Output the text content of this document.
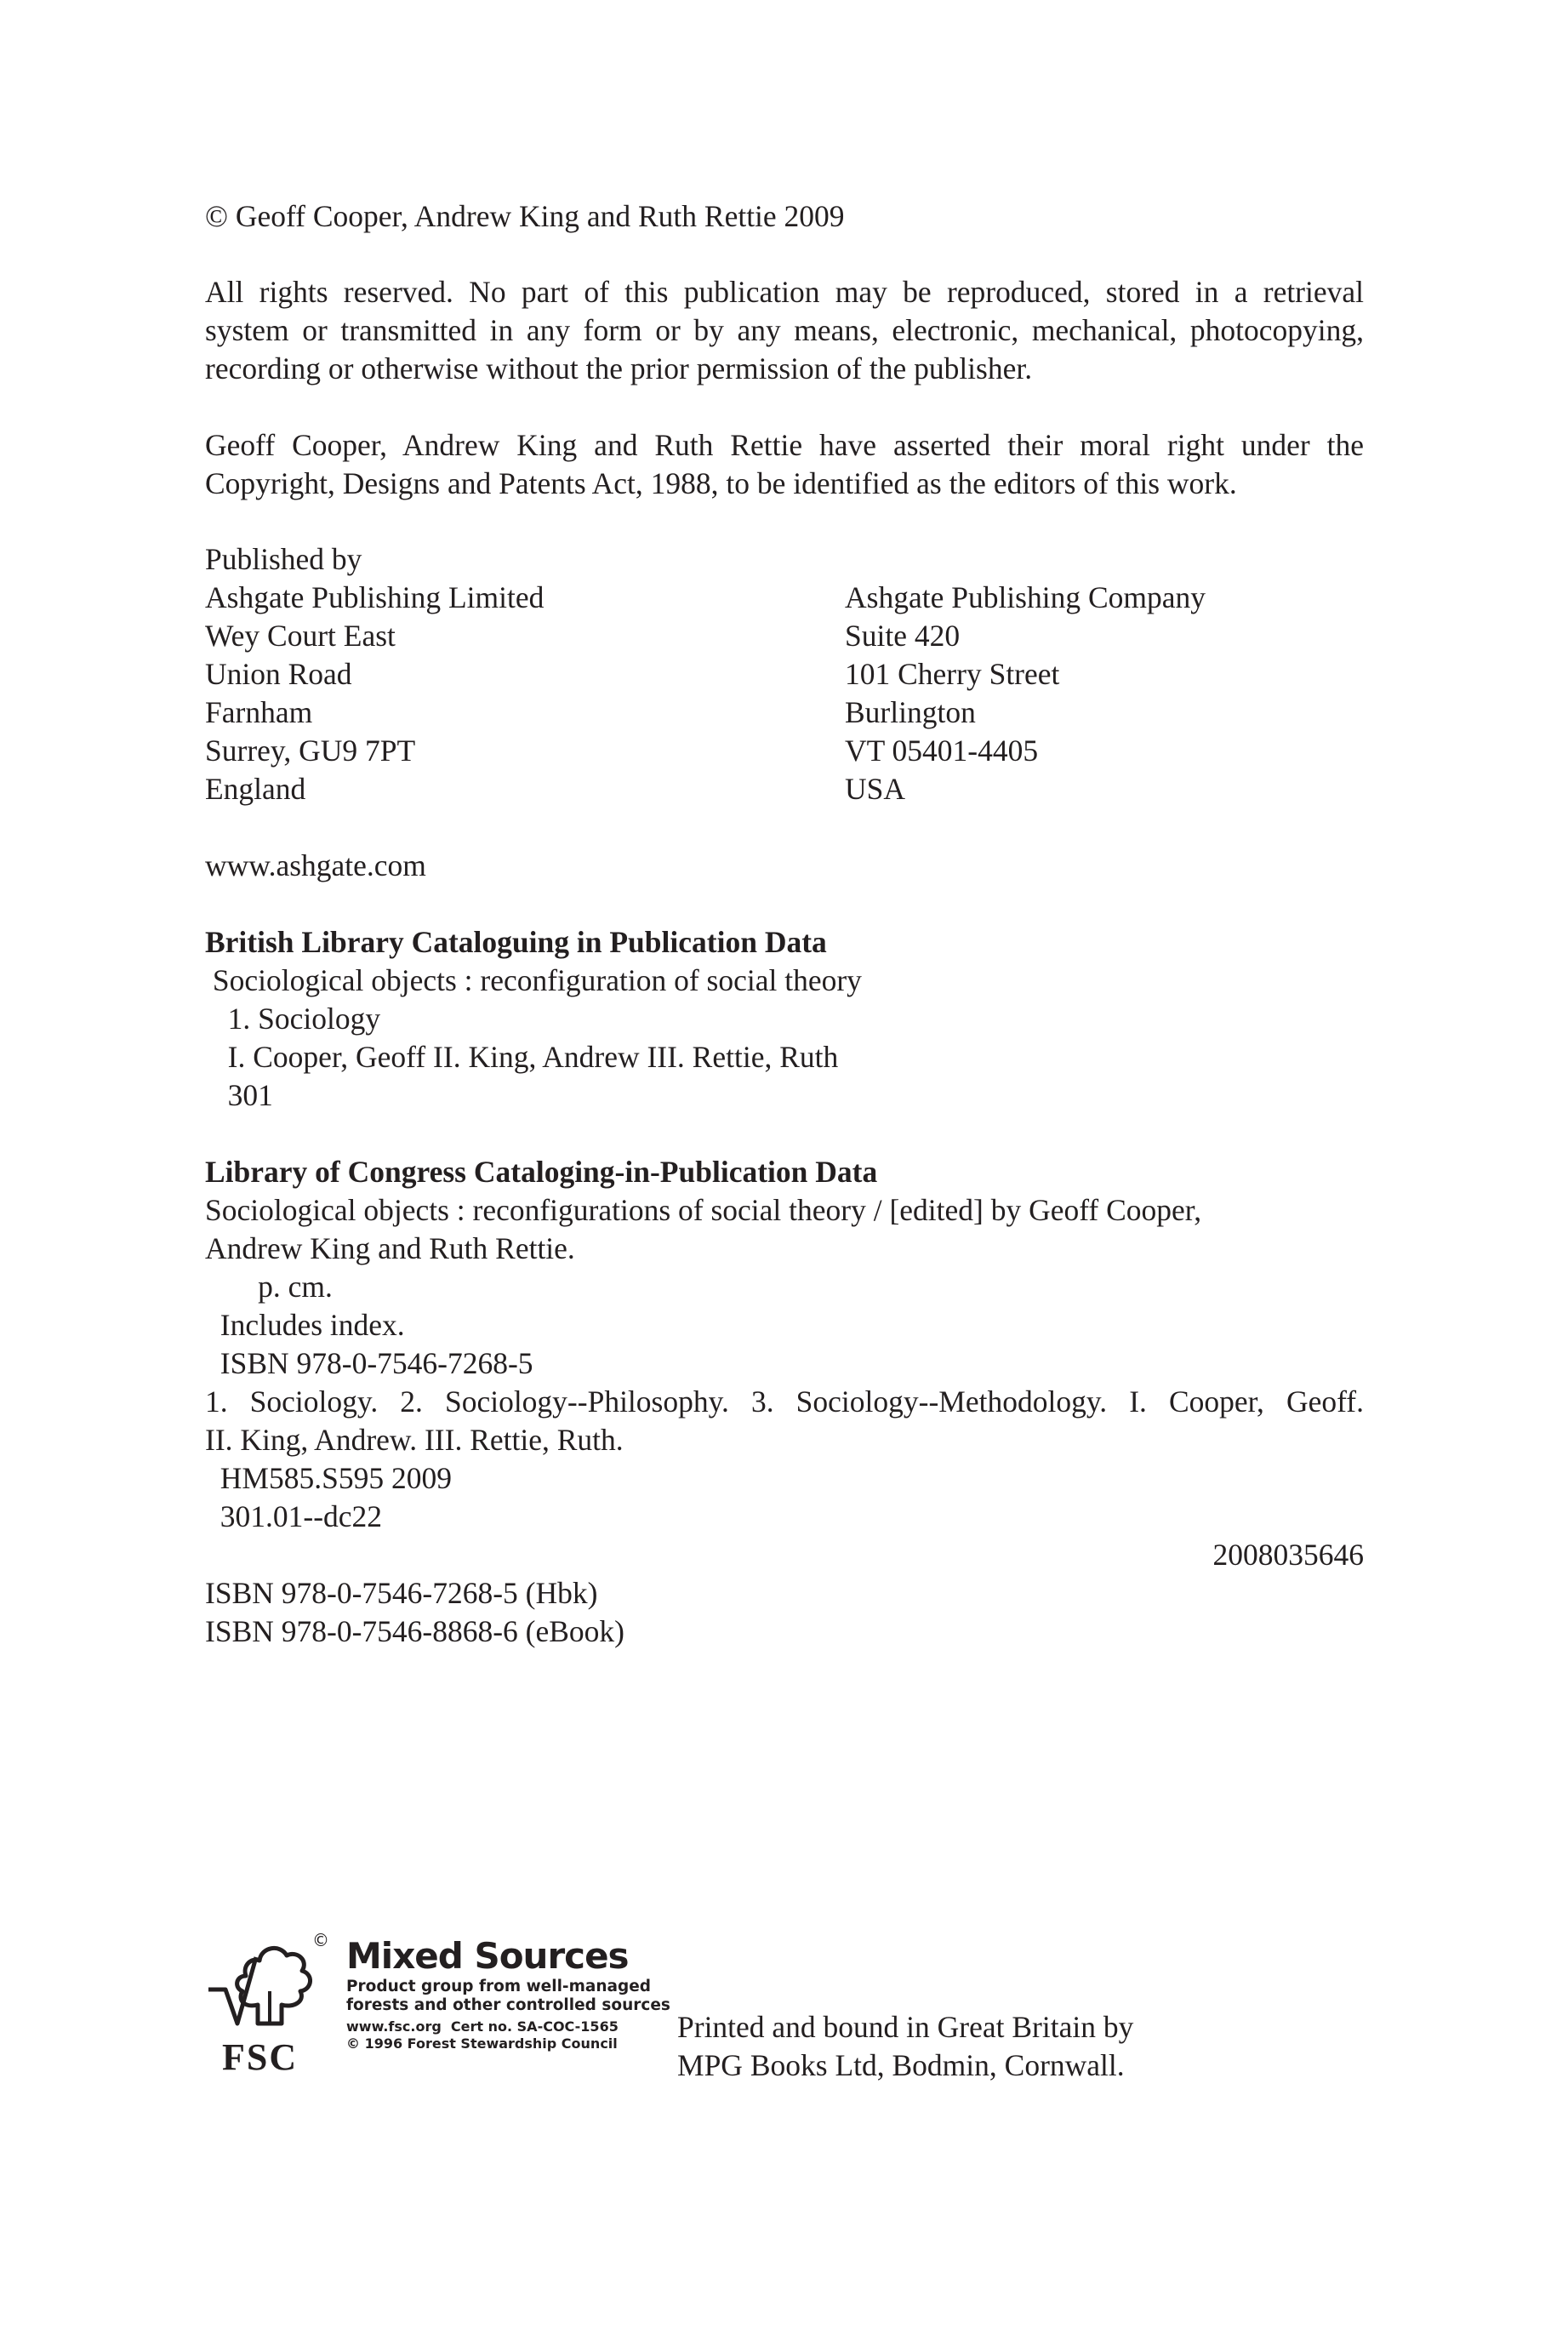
© Geoff Cooper, Andrew King and Ruth Rettie 2009
All rights reserved. No part of this publication may be reproduced, stored in a retrieval
system or transmitted in any form or by any means, electronic, mechanical, photocopying,
recording or otherwise without the prior permission of the publisher.
Geoff Cooper, Andrew King and Ruth Rettie have asserted their moral right under the
Copyright, Designs and Patents Act, 1988, to be identified as the editors of this work.
Published by
Ashgate Publishing Limited
Wey Court East
Union Road
Farnham
Surrey, GU9 7PT
England
Ashgate Publishing Company
Suite 420
101 Cherry Street
Burlington
VT 05401-4405
USA
www.ashgate.com
British Library Cataloguing in Publication Data
Sociological objects : reconfiguration of social theory
1. Sociology
I. Cooper, Geoff II. King, Andrew III. Rettie, Ruth
301
Library of Congress Cataloging-in-Publication Data
Sociological objects : reconfigurations of social theory / [edited] by Geoff Cooper,
Andrew King and Ruth Rettie.
p. cm.
Includes index.
ISBN 978-0-7546-7268-5
1. Sociology. 2. Sociology--Philosophy. 3. Sociology--Methodology. I. Cooper, Geoff.
II. King, Andrew. III. Rettie, Ruth.
HM585.S595 2009
301.01--dc22
2008035646
ISBN 978-0-7546-7268-5 (Hbk)
ISBN 978-0-7546-8868-6 (eBook)
©
FSC
Mixed Sources
Product group from well-managed
forests and other controlled sources
www.fsc.org  Cert no. SA-COC-1565
© 1996 Forest Stewardship Council	Printed and bound in Great Britain by
MPG Books Ltd, Bodmin, Cornwall.
